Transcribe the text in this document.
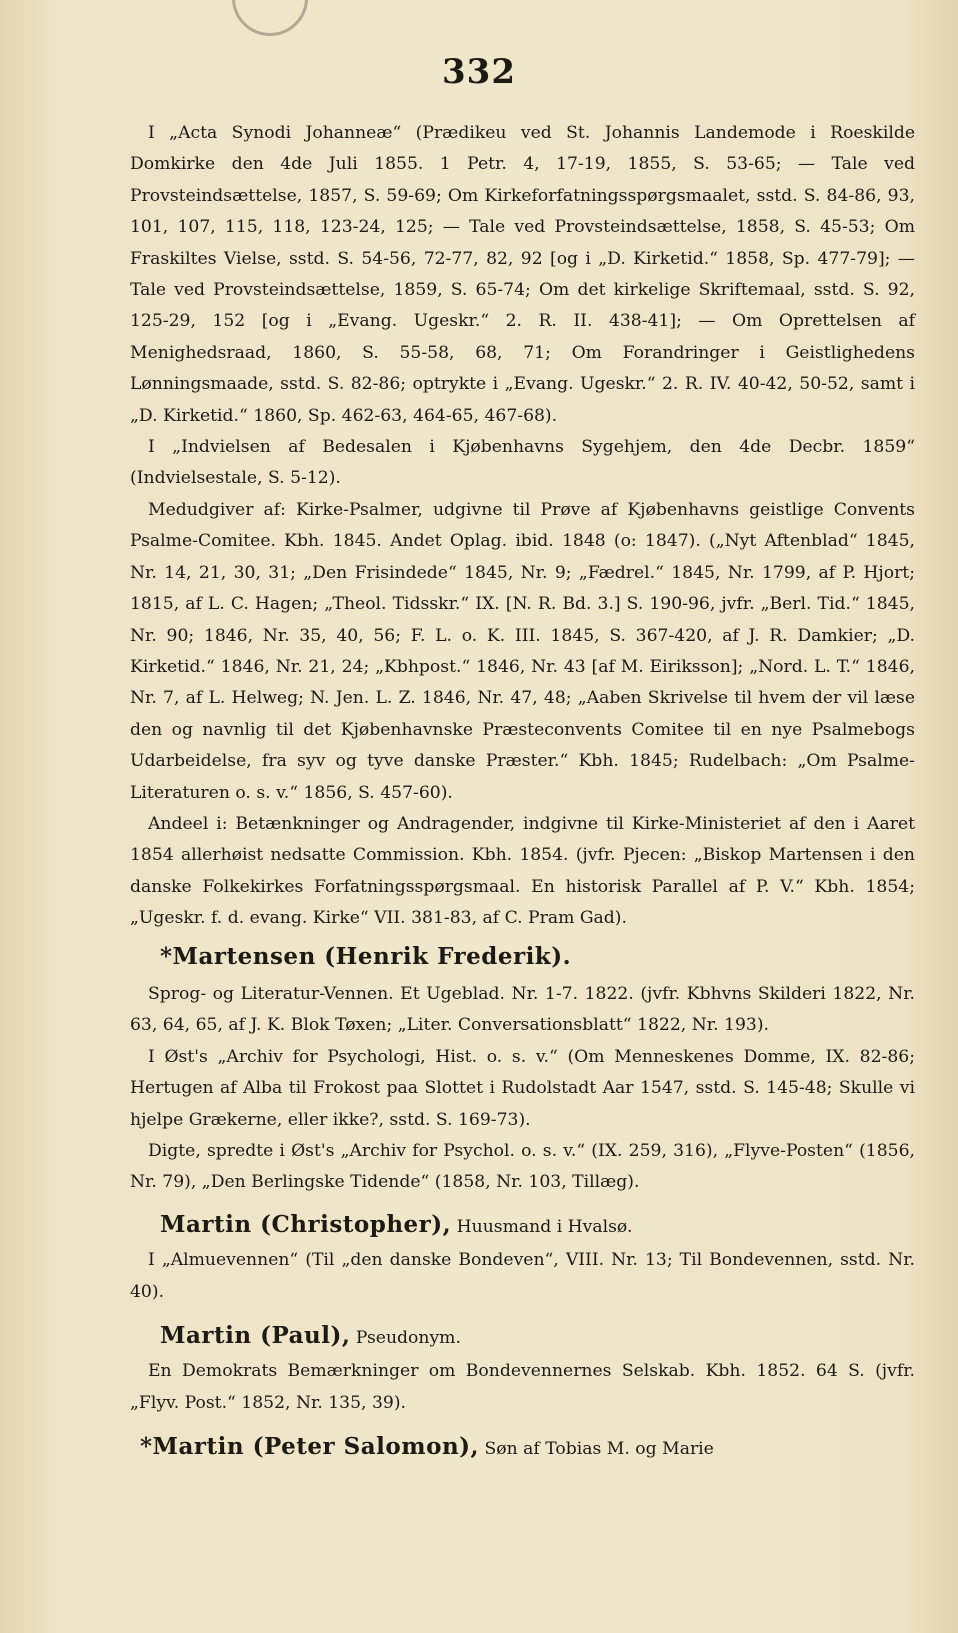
332

I „Acta Synodi Johanneæ“ (Prædikeu ved St. Johannis Landemode i Roeskilde Domkirke den 4de Juli 1855. 1 Petr. 4, 17-19, 1855, S. 53-65; — Tale ved Provsteindsættelse, 1857, S. 59-69; Om Kirkeforfatningsspørgsmaalet, sstd. S. 84-86, 93, 101, 107, 115, 118, 123-24, 125; — Tale ved Provsteindsættelse, 1858, S. 45-53; Om Fraskiltes Vielse, sstd. S. 54-56, 72-77, 82, 92 [og i „D. Kirketid.“ 1858, Sp. 477-79]; — Tale ved Provsteindsættelse, 1859, S. 65-74; Om det kirkelige Skriftemaal, sstd. S. 92, 125-29, 152 [og i „Evang. Ugeskr.“ 2. R. II. 438-41]; — Om Oprettelsen af Menighedsraad, 1860, S. 55-58, 68, 71; Om Forandringer i Geistlighedens Lønningsmaade, sstd. S. 82-86; optrykte i „Evang. Ugeskr.“ 2. R. IV. 40-42, 50-52, samt i „D. Kirketid.“ 1860, Sp. 462-63, 464-65, 467-68).

I „Indvielsen af Bedesalen i Kjøbenhavns Sygehjem, den 4de Decbr. 1859“ (Indvielsestale, S. 5-12).

Medudgiver af: Kirke-Psalmer, udgivne til Prøve af Kjøbenhavns geistlige Convents Psalme-Comitee. Kbh. 1845. Andet Oplag. ibid. 1848 (o: 1847). („Nyt Aftenblad“ 1845, Nr. 14, 21, 30, 31; „Den Frisindede“ 1845, Nr. 9; „Fædrel.“ 1845, Nr. 1799, af P. Hjort; 1815, af L. C. Hagen; „Theol. Tidsskr.“ IX. [N. R. Bd. 3.] S. 190-96, jvfr. „Berl. Tid.“ 1845, Nr. 90; 1846, Nr. 35, 40, 56; F. L. o. K. III. 1845, S. 367-420, af J. R. Damkier; „D. Kirketid.“ 1846, Nr. 21, 24; „Kbhpost.“ 1846, Nr. 43 [af M. Eiriksson]; „Nord. L. T.“ 1846, Nr. 7, af L. Helweg; N. Jen. L. Z. 1846, Nr. 47, 48; „Aaben Skrivelse til hvem der vil læse den og navnlig til det Kjøbenhavnske Præsteconvents Comitee til en nye Psalmebogs Udarbeidelse, fra syv og tyve danske Præster.“ Kbh. 1845; Rudelbach: „Om Psalme-Literaturen o. s. v.“ 1856, S. 457-60).

Andeel i: Betænkninger og Andragender, indgivne til Kirke-Ministeriet af den i Aaret 1854 allerhøist nedsatte Commission. Kbh. 1854. (jvfr. Pjecen: „Biskop Martensen i den danske Folkekirkes Forfatningsspørgsmaal. En historisk Parallel af P. V.“ Kbh. 1854; „Ugeskr. f. d. evang. Kirke“ VII. 381-83, af C. Pram Gad).

*Martensen (Henrik Frederik).

Sprog- og Literatur-Vennen. Et Ugeblad. Nr. 1-7. 1822. (jvfr. Kbhvns Skilderi 1822, Nr. 63, 64, 65, af J. K. Blok Tøxen; „Liter. Conversationsblatt“ 1822, Nr. 193).

I Øst's „Archiv for Psychologi, Hist. o. s. v.“ (Om Menneskenes Domme, IX. 82-86; Hertugen af Alba til Frokost paa Slottet i Rudolstadt Aar 1547, sstd. S. 145-48; Skulle vi hjelpe Grækerne, eller ikke?, sstd. S. 169-73).

Digte, spredte i Øst's „Archiv for Psychol. o. s. v.“ (IX. 259, 316), „Flyve-Posten“ (1856, Nr. 79), „Den Berlingske Tidende“ (1858, Nr. 103, Tillæg).

Martin (Christopher), Huusmand i Hvalsø.

I „Almuevennen“ (Til „den danske Bondeven“, VIII. Nr. 13; Til Bondevennen, sstd. Nr. 40).

Martin (Paul), Pseudonym.

En Demokrats Bemærkninger om Bondevennernes Selskab. Kbh. 1852. 64 S. (jvfr. „Flyv. Post.“ 1852, Nr. 135, 39).

*Martin (Peter Salomon), Søn af Tobias M. og Marie
